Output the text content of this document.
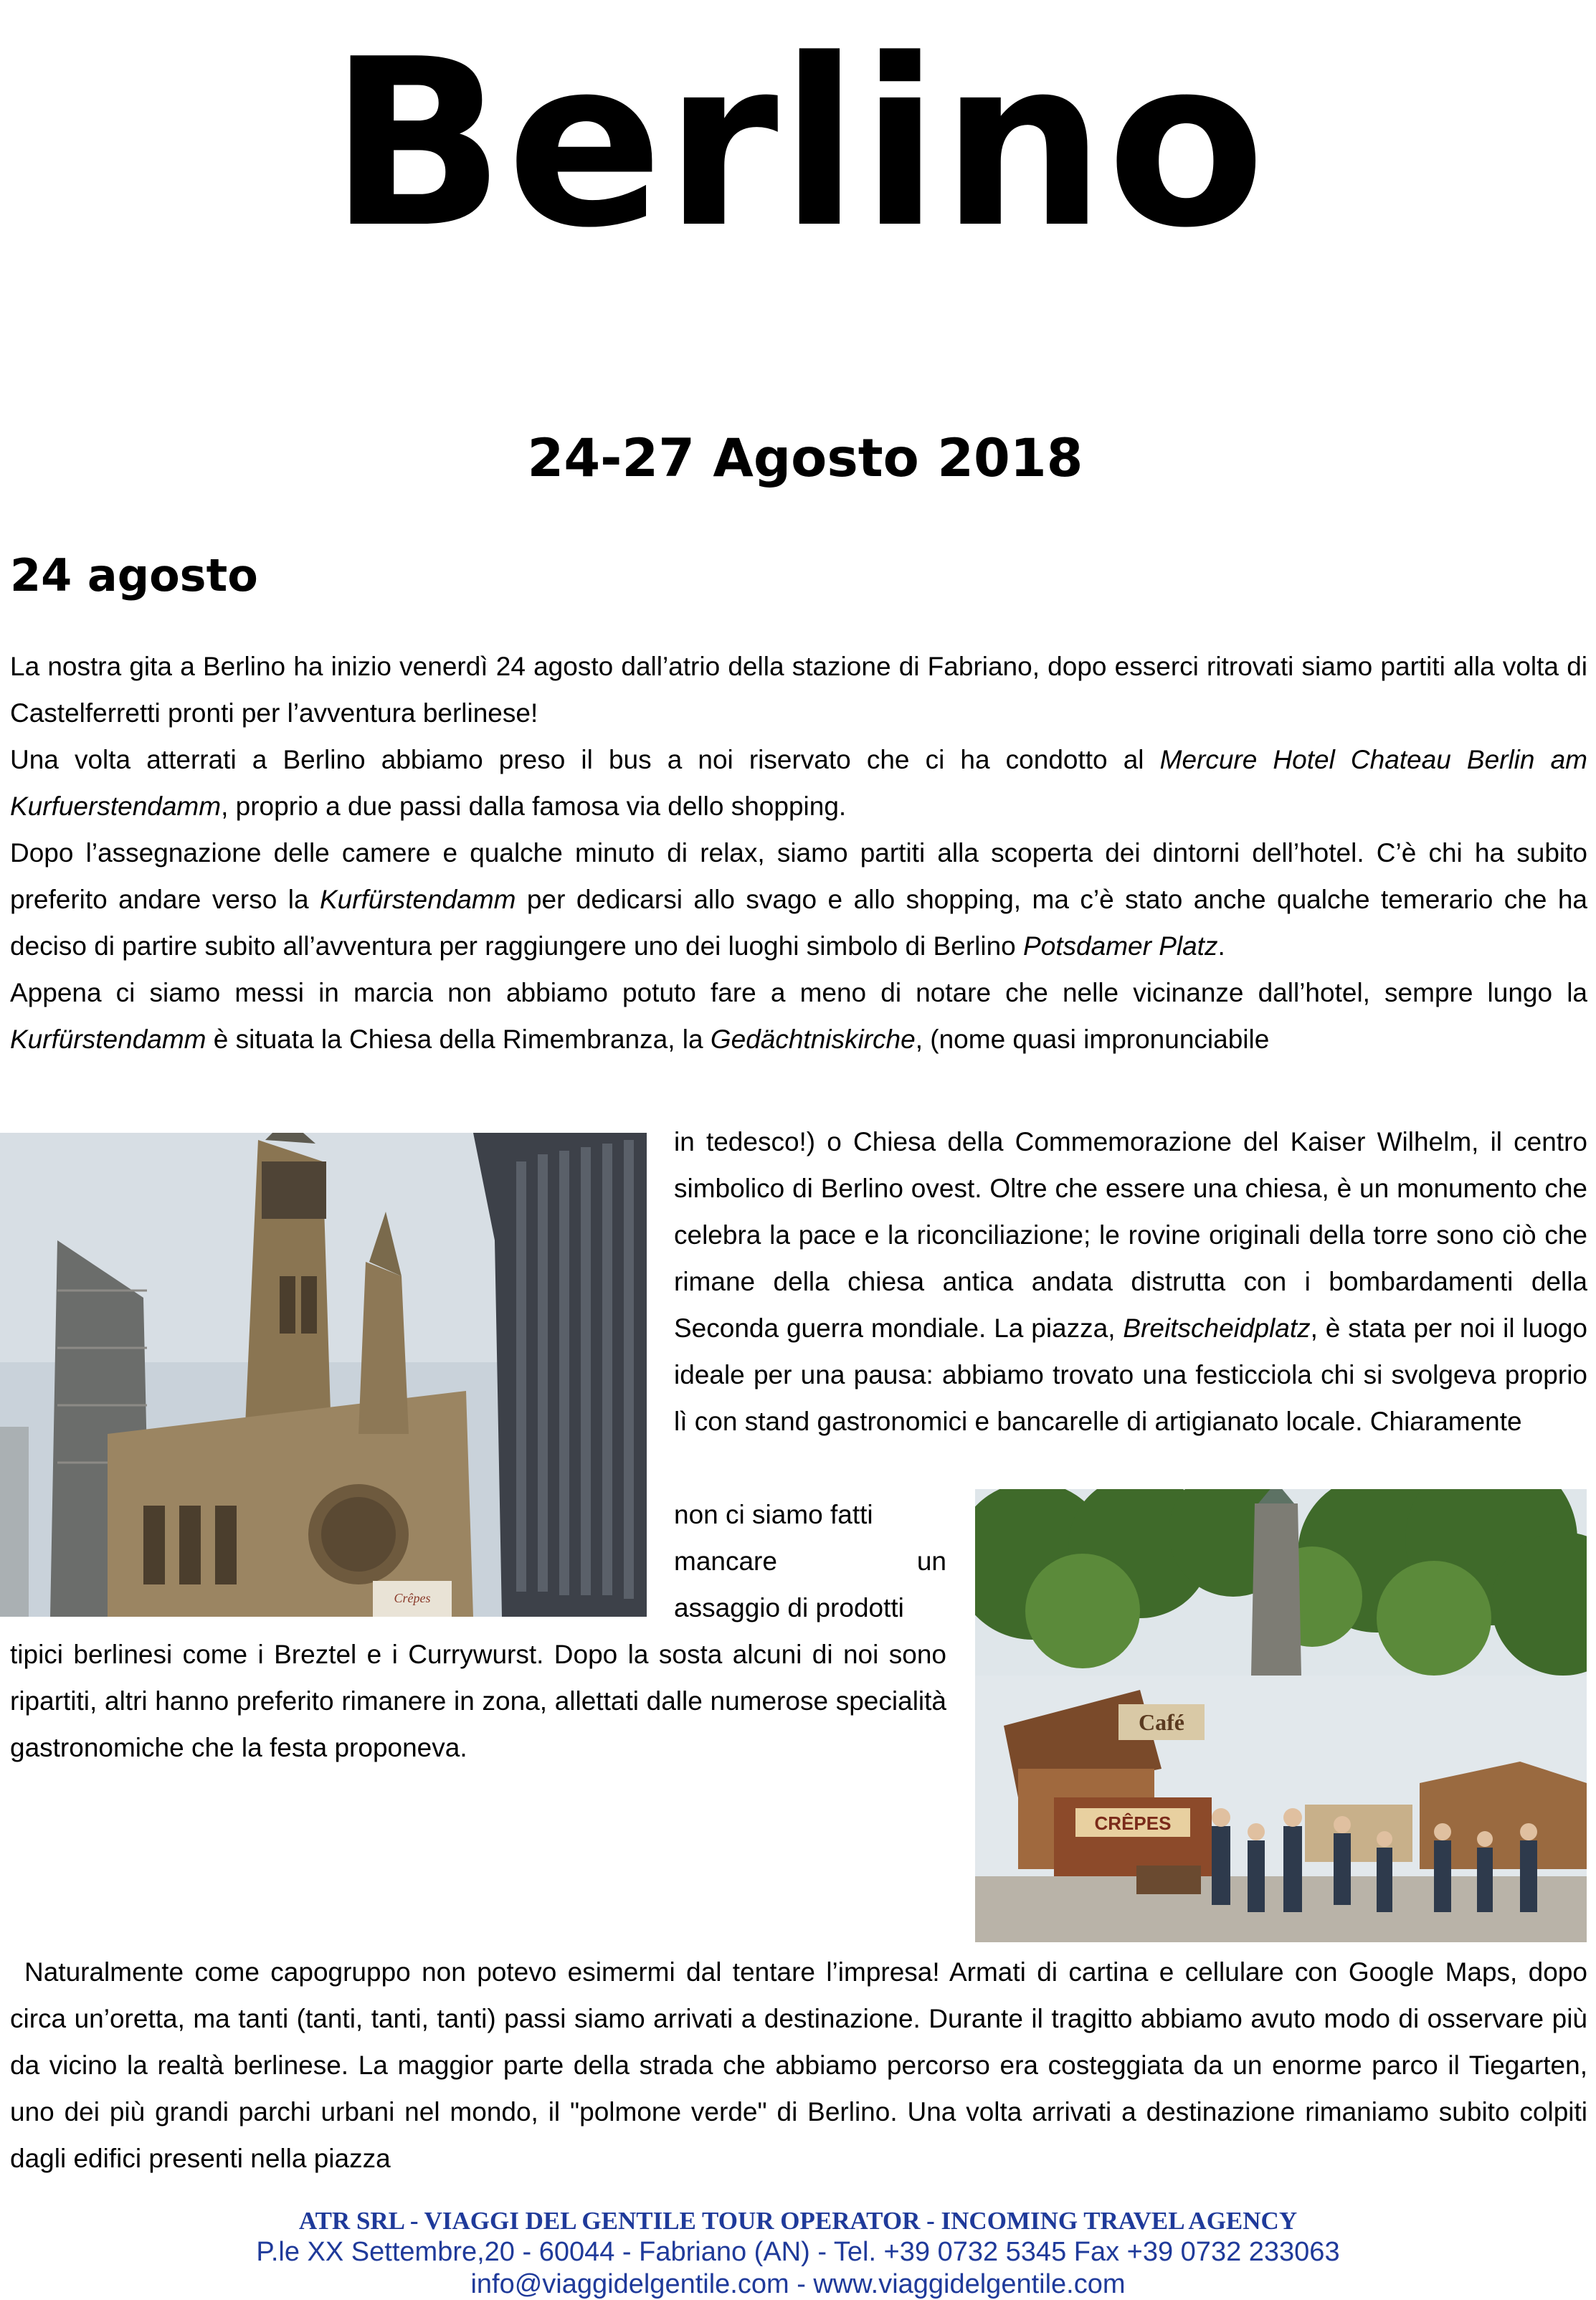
Berlino
24-27 Agosto 2018
24 agosto

La nostra gita a Berlino ha inizio venerdì 24 agosto dall’atrio della stazione di Fabriano, dopo esserci ritrovati siamo partiti alla volta di Castelferretti pronti per l’avventura berlinese!

Una volta atterrati a Berlino abbiamo preso il bus a noi riservato che ci ha condotto al Mercure Hotel Chateau Berlin am Kurfuerstendamm, proprio a due passi dalla famosa via dello shopping.

Dopo l’assegnazione delle camere e qualche minuto di relax, siamo partiti alla scoperta dei dintorni dell’hotel. C’è chi ha subito preferito andare verso la Kurfürstendamm per dedicarsi allo svago e allo shopping, ma c’è stato anche qualche temerario che ha deciso di partire subito all’avventura per raggiungere uno dei luoghi simbolo di Berlino Potsdamer Platz.

Appena ci siamo messi in marcia non abbiamo potuto fare a meno di notare che nelle vicinanze dall’hotel, sempre lungo la Kurfürstendamm è situata la Chiesa della Rimembranza, la Gedächtniskirche, (nome quasi impronunciabile

Crêpes

in tedesco!) o Chiesa della Commemorazione del Kaiser Wilhelm, il centro simbolico di Berlino ovest. Oltre che essere una chiesa, è un monumento che celebra la pace e la riconciliazione; le rovine originali della torre sono ciò che rimane della chiesa antica andata distrutta con i bombardamenti della Seconda guerra mondiale. La piazza, Breitscheidplatz, è stata per noi il luogo ideale per una pausa: abbiamo trovato una festicciola chi si svolgeva proprio lì con stand gastronomici e bancarelle di artigianato locale. Chiaramente

non ci siamo fatti
mancare	un
assaggio di prodotti

tipici berlinesi come i Breztel e i Currywurst. Dopo la sosta alcuni di noi sono ripartiti, altri hanno preferito rimanere in zona, allettati dalle numerose specialità gastronomiche che la festa proponeva.

Café
CRÊPES

Naturalmente come capogruppo non potevo esimermi dal tentare l’impresa! Armati di cartina e cellulare con Google Maps, dopo circa un’oretta, ma tanti (tanti, tanti, tanti) passi siamo arrivati a destinazione. Durante il tragitto abbiamo avuto modo di osservare più da vicino la realtà berlinese. La maggior parte della strada che abbiamo percorso era costeggiata da un enorme parco il Tiegarten, uno dei più grandi parchi urbani nel mondo, il "polmone verde" di Berlino. Una volta arrivati a destinazione rimaniamo subito colpiti dagli edifici presenti nella piazza

ATR SRL - VIAGGI DEL GENTILE TOUR OPERATOR - INCOMING TRAVEL AGENCY
P.le XX Settembre,20 - 60044 - Fabriano (AN) - Tel. +39 0732 5345 Fax +39 0732 233063
info@viaggidelgentile.com - www.viaggidelgentile.com
